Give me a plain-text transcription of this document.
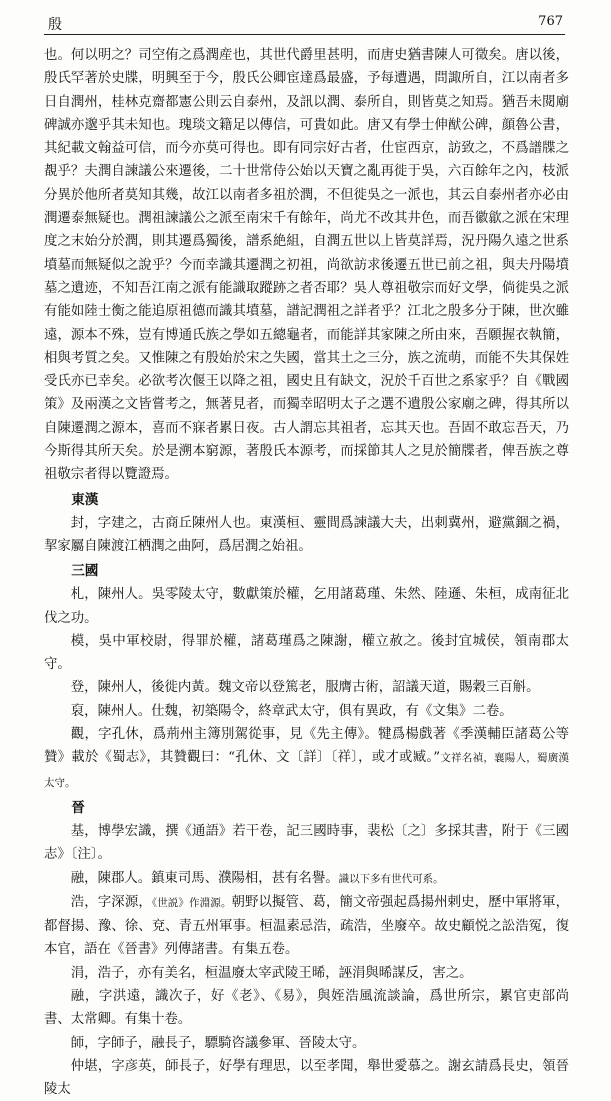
殷	767

也。何以明之？司空侑之爲潤産也，其世代爵里甚明，而唐史猶書陳人可徵矣。唐以後，殷氏罕著於史牒，明興至于今，殷氏公卿宦達爲最盛，予每遭遇，問諏所自，江以南者多日自潤州，桂林克齋都憲公則云自泰州，及訊以潤、泰所自，則皆莫之知焉。猶吾未閱廟碑誠亦邈乎其未知也。瑰琰文籍足以傳信，可貴如此。唐又有學士伸猷公碑，顔魯公書，其紀載文翰益可信，而今亦莫可得也。即有同宗好古者，仕宦西京，訪致之，不爲譜牒之覩乎？夫潤自諫議公來遷後，二十世常侍公始以天寶之亂再徙于吳，六百餘年之內，枝派分異於他所者莫知其幾，故江以南者多祖於潤，不但徙吳之一派也，其云自泰州者亦必由潤遷泰無疑也。潤祖諫議公之派至南宋千有餘年，尚尤不改其井色，而吾徽歙之派在宋理度之末始分於潤，則其遷爲獨後，譜系絶組，自潤五世以上皆莫詳焉，況丹陽久遠之世系墳墓而無疑似之說乎？今而幸識其遷潤之初祖，尚欲訪求後遷五世已前之祖，與夫丹陽墳墓之遺迹，不知吾江南之派有能識取蹤跡之者否耶？吳人尊祖敬宗而好文學，倘徙吳之派有能如陸士衡之能追原祖德而識其墳墓，譜記潤祖之詳者乎？江北之殷多分于陳，世次雖遠，源本不殊，豈有博通氏族之學如五總龜者，而能詳其家陳之所由來，吾願握衣執簡，相與考質之矣。又惟陳之有殷始於宋之失國，當其土之三分，族之流萌，而能不失其保姓受氏亦已幸矣。必欲考次偃王以降之祖，國史且有缺文，況於千百世之系家乎？自《戰國策》及兩漢之文皆嘗考之，無著見者，而獨幸昭明太子之選不遺殷公家廟之碑，得其所以自陳遷潤之源本，喜而不寐者累日夜。古人謂忘其祖者，忘其天也。吾固不敢忘吾天，乃今斯得其所天矣。於是溯本窮源，著殷氏本源考，而採節其人之見於簡牒者，俾吾族之尊祖敬宗者得以覽證焉。

東漢

封，字建之，古商丘陳州人也。東漢桓、靈間爲諫議大夫，出刺冀州，避黨錮之禍，挈家屬自陳渡江栖潤之曲阿，爲居潤之始祖。

三國

札，陳州人。吳零陵太守，數獻策於權，乞用諸葛瑾、朱然、陸遜、朱桓，成南征北伐之功。

模，吳中軍校尉，得罪於權，諸葛瑾爲之陳謝，權立赦之。後封宜城侯，領南郡太守。

登，陳州人，後徙内黃。魏文帝以登篤老，服膺古術，詔議天道，賜穀三百斛。

裒，陳州人。仕魏，初築陽令，終章武太守，俱有異政，有《文集》二卷。

觀，字孔休，爲荊州主簿別駕從事，見《先主傳》。犍爲楊戲著《季漢輔臣諸葛公等贊》載於《蜀志》，其贊觀曰：“孔休、文〔詳〕〔祥〕，或才或臧。”文祥名禎，襄陽人，蜀廣漢太守。

晉

基，博學宏識，撰《通語》若干卷，記三國時事，裴松〔之〕多採其書，附于《三國志》〔注〕。

融，陳郡人。鎮東司馬、濮陽相，甚有名譽。識以下多有世代可系。

浩，字深源，《世説》作淵源。朝野以擬管、葛，簡文帝强起爲揚州剌史，歷中軍將軍，都督揚、豫、徐、兗、青五州軍事。桓温素忌浩，疏浩，坐廢卒。故史顧悦之訟浩冤，復本官，語在《晉書》列傳諸書。有集五卷。

涓，浩子，亦有美名，桓温廢太宰武陵王晞，誣涓與晞謀反，害之。

融，字洪遠，識次子，好《老》、《易》，與姪浩風流談論，爲世所宗，累官吏部尚書、太常卿。有集十卷。

師，字師子，融長子，驃騎咨議參軍、晉陵太守。

仲堪，字彦英，師長子，好學有理思，以至孝聞，舉世愛慕之。謝玄請爲長史，領晉陵太
